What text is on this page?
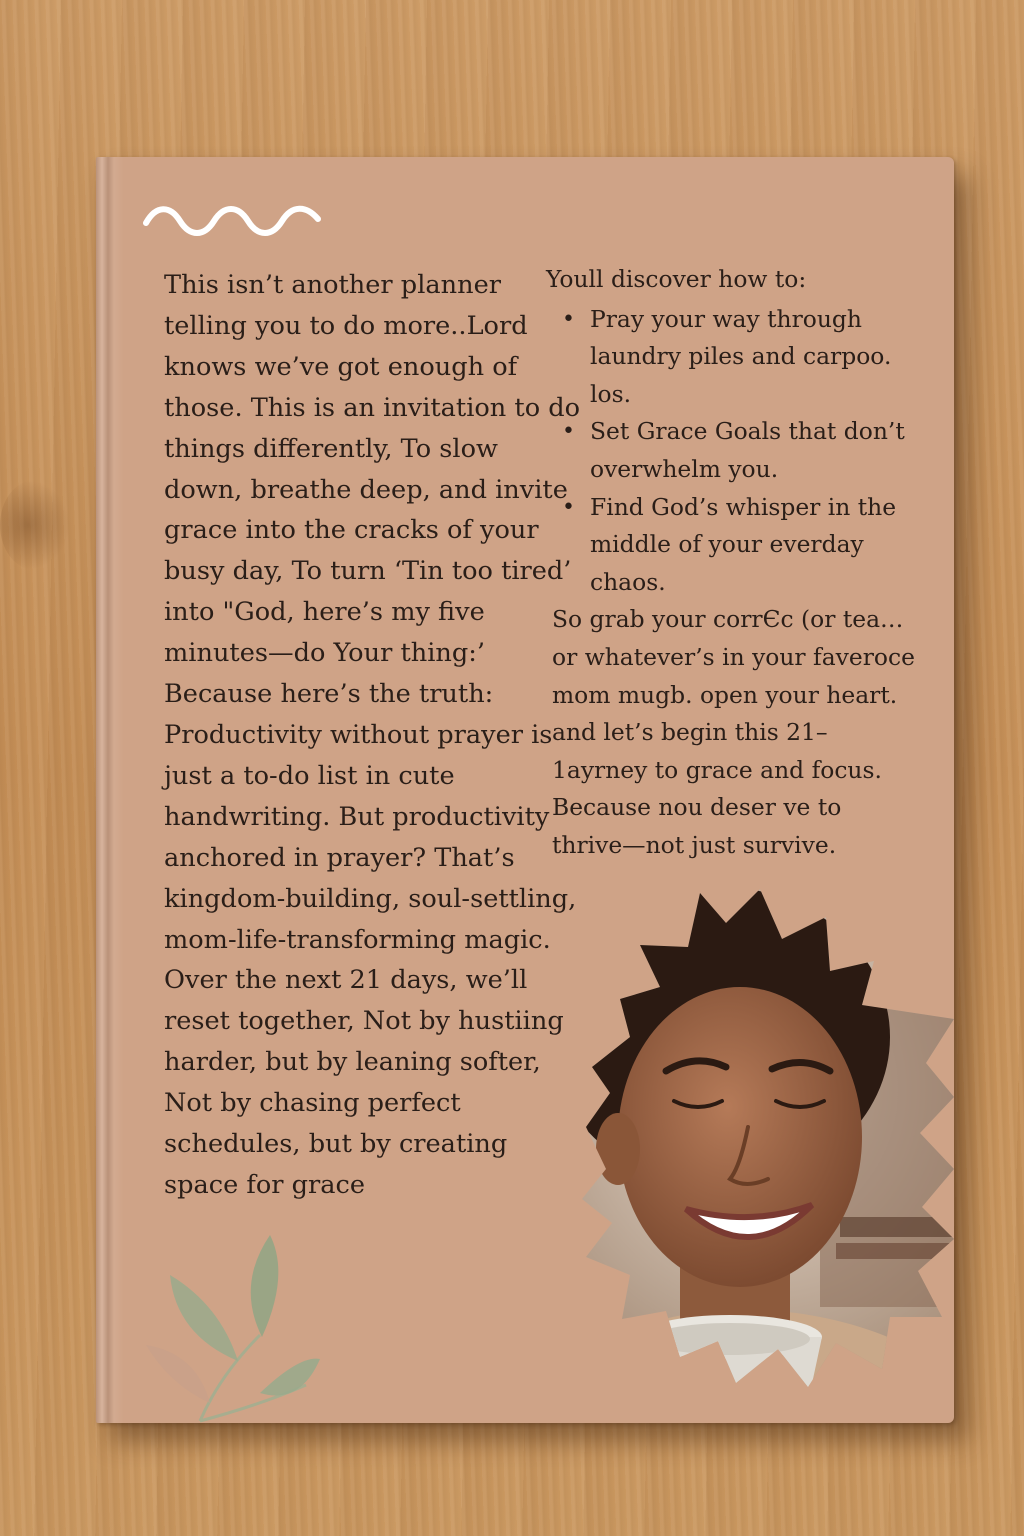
This isn’t another planner telling you to do more..Lord knows we’ve got enough of those. This is an invitation to do things differently, To slow down, breathe deep, and invite grace into the cracks of your busy day, To turn ‘Tin too tired’ into "God, here’s my five minutes—do Your thing:’

Because here’s the truth: Productivity without prayer is just a to-do list in cute handwriting. But productivity anchored in prayer? That’s kingdom-building, soul-settling, mom-life-transforming magic.

Over the next 21 days, we’ll reset together, Not by hustiing harder, but by leaning softer, Not by chasing perfect schedules, but by creating space for grace

Youll discover how to:

• Pray your way through laundry piles and carpoo. los.
• Set Grace Goals that don’t overwhelm you.
• Find God’s whisper in the middle of your everday chaos.

So grab your corrЄc (or tea… or whatever’s in your faveroce mom mugb. open your heart. and let’s begin this 21–1ayrney to grace and focus.

Because nou deser ve to thrive—not just survive.
